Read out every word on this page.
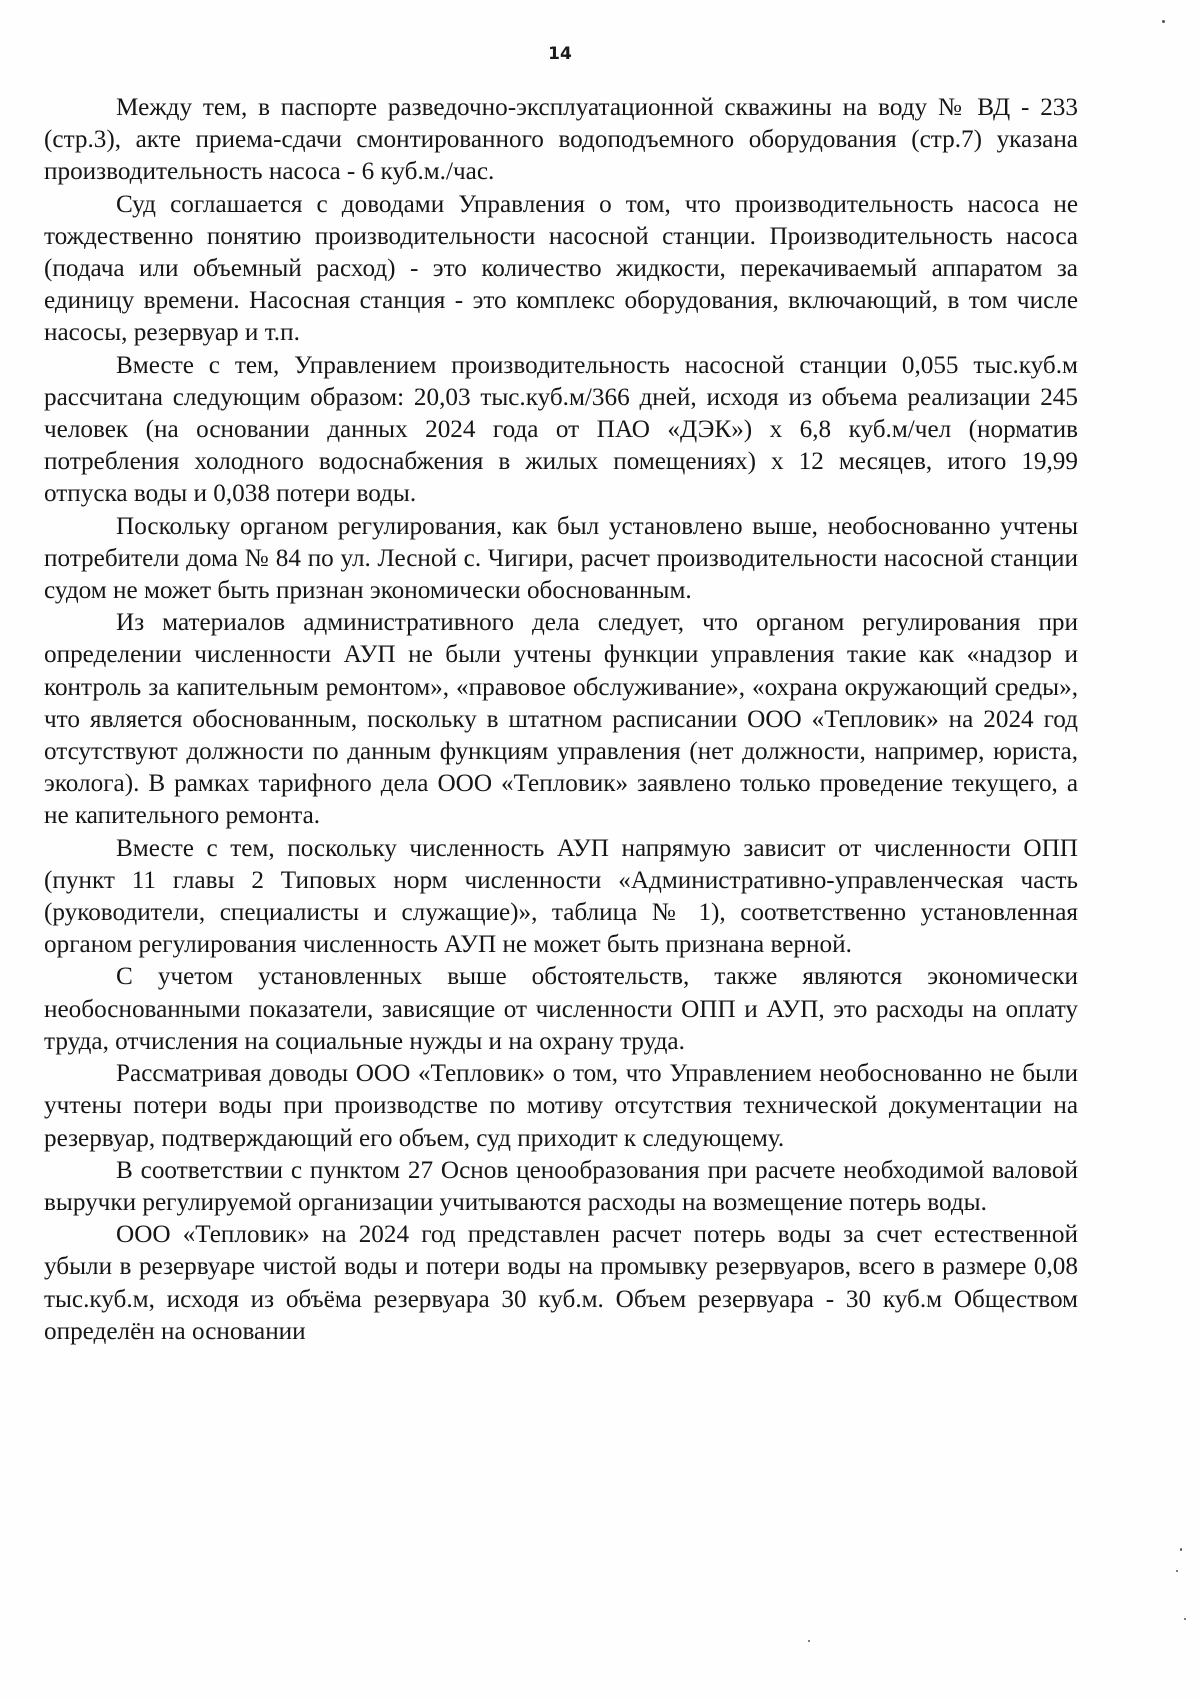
14

Между тем, в паспорте разведочно-эксплуатационной скважины на воду № ВД - 233 (стр.3), акте приема-сдачи смонтированного водоподъемного оборудования (стр.7) указана производительность насоса - 6 куб.м./час.

Суд соглашается с доводами Управления о том, что производительность насоса не тождественно понятию производительности насосной станции. Производительность насоса (подача или объемный расход) - это количество жидкости, перекачиваемый аппаратом за единицу времени. Насосная станция - это комплекс оборудования, включающий, в том числе насосы, резервуар и т.п.

Вместе с тем, Управлением производительность насосной станции 0,055 тыс.куб.м рассчитана следующим образом: 20,03 тыс.куб.м/366 дней, исходя из объема реализации 245 человек (на основании данных 2024 года от ПАО «ДЭК») х 6,8 куб.м/чел (норматив потребления холодного водоснабжения в жилых помещениях) х 12 месяцев, итого 19,99 отпуска воды и 0,038 потери воды.

Поскольку органом регулирования, как был установлено выше, необоснованно учтены потребители дома № 84 по ул. Лесной с. Чигири, расчет производительности насосной станции судом не может быть признан экономически обоснованным.

Из материалов административного дела следует, что органом регулирования при определении численности АУП не были учтены функции управления такие как «надзор и контроль за капительным ремонтом», «правовое обслуживание», «охрана окружающий среды», что является обоснованным, поскольку в штатном расписании ООО «Тепловик» на 2024 год отсутствуют должности по данным функциям управления (нет должности, например, юриста, эколога). В рамках тарифного дела ООО «Тепловик» заявлено только проведение текущего, а не капительного ремонта.

Вместе с тем, поскольку численность АУП напрямую зависит от численности ОПП (пункт 11 главы 2 Типовых норм численности «Административно-управленческая часть (руководители, специалисты и служащие)», таблица № 1), соответственно установленная органом регулирования численность АУП не может быть признана верной.

С учетом установленных выше обстоятельств, также являются экономически необоснованными показатели, зависящие от численности ОПП и АУП, это расходы на оплату труда, отчисления на социальные нужды и на охрану труда.

Рассматривая доводы ООО «Тепловик» о том, что Управлением необоснованно не были учтены потери воды при производстве по мотиву отсутствия технической документации на резервуар, подтверждающий его объем, суд приходит к следующему.

В соответствии с пунктом 27 Основ ценообразования при расчете необходимой валовой выручки регулируемой организации учитываются расходы на возмещение потерь воды.

ООО «Тепловик» на 2024 год представлен расчет потерь воды за счет естественной убыли в резервуаре чистой воды и потери воды на промывку резервуаров, всего в размере 0,08 тыс.куб.м, исходя из объёма резервуара 30 куб.м. Объем резервуара - 30 куб.м Обществом определён на основании
